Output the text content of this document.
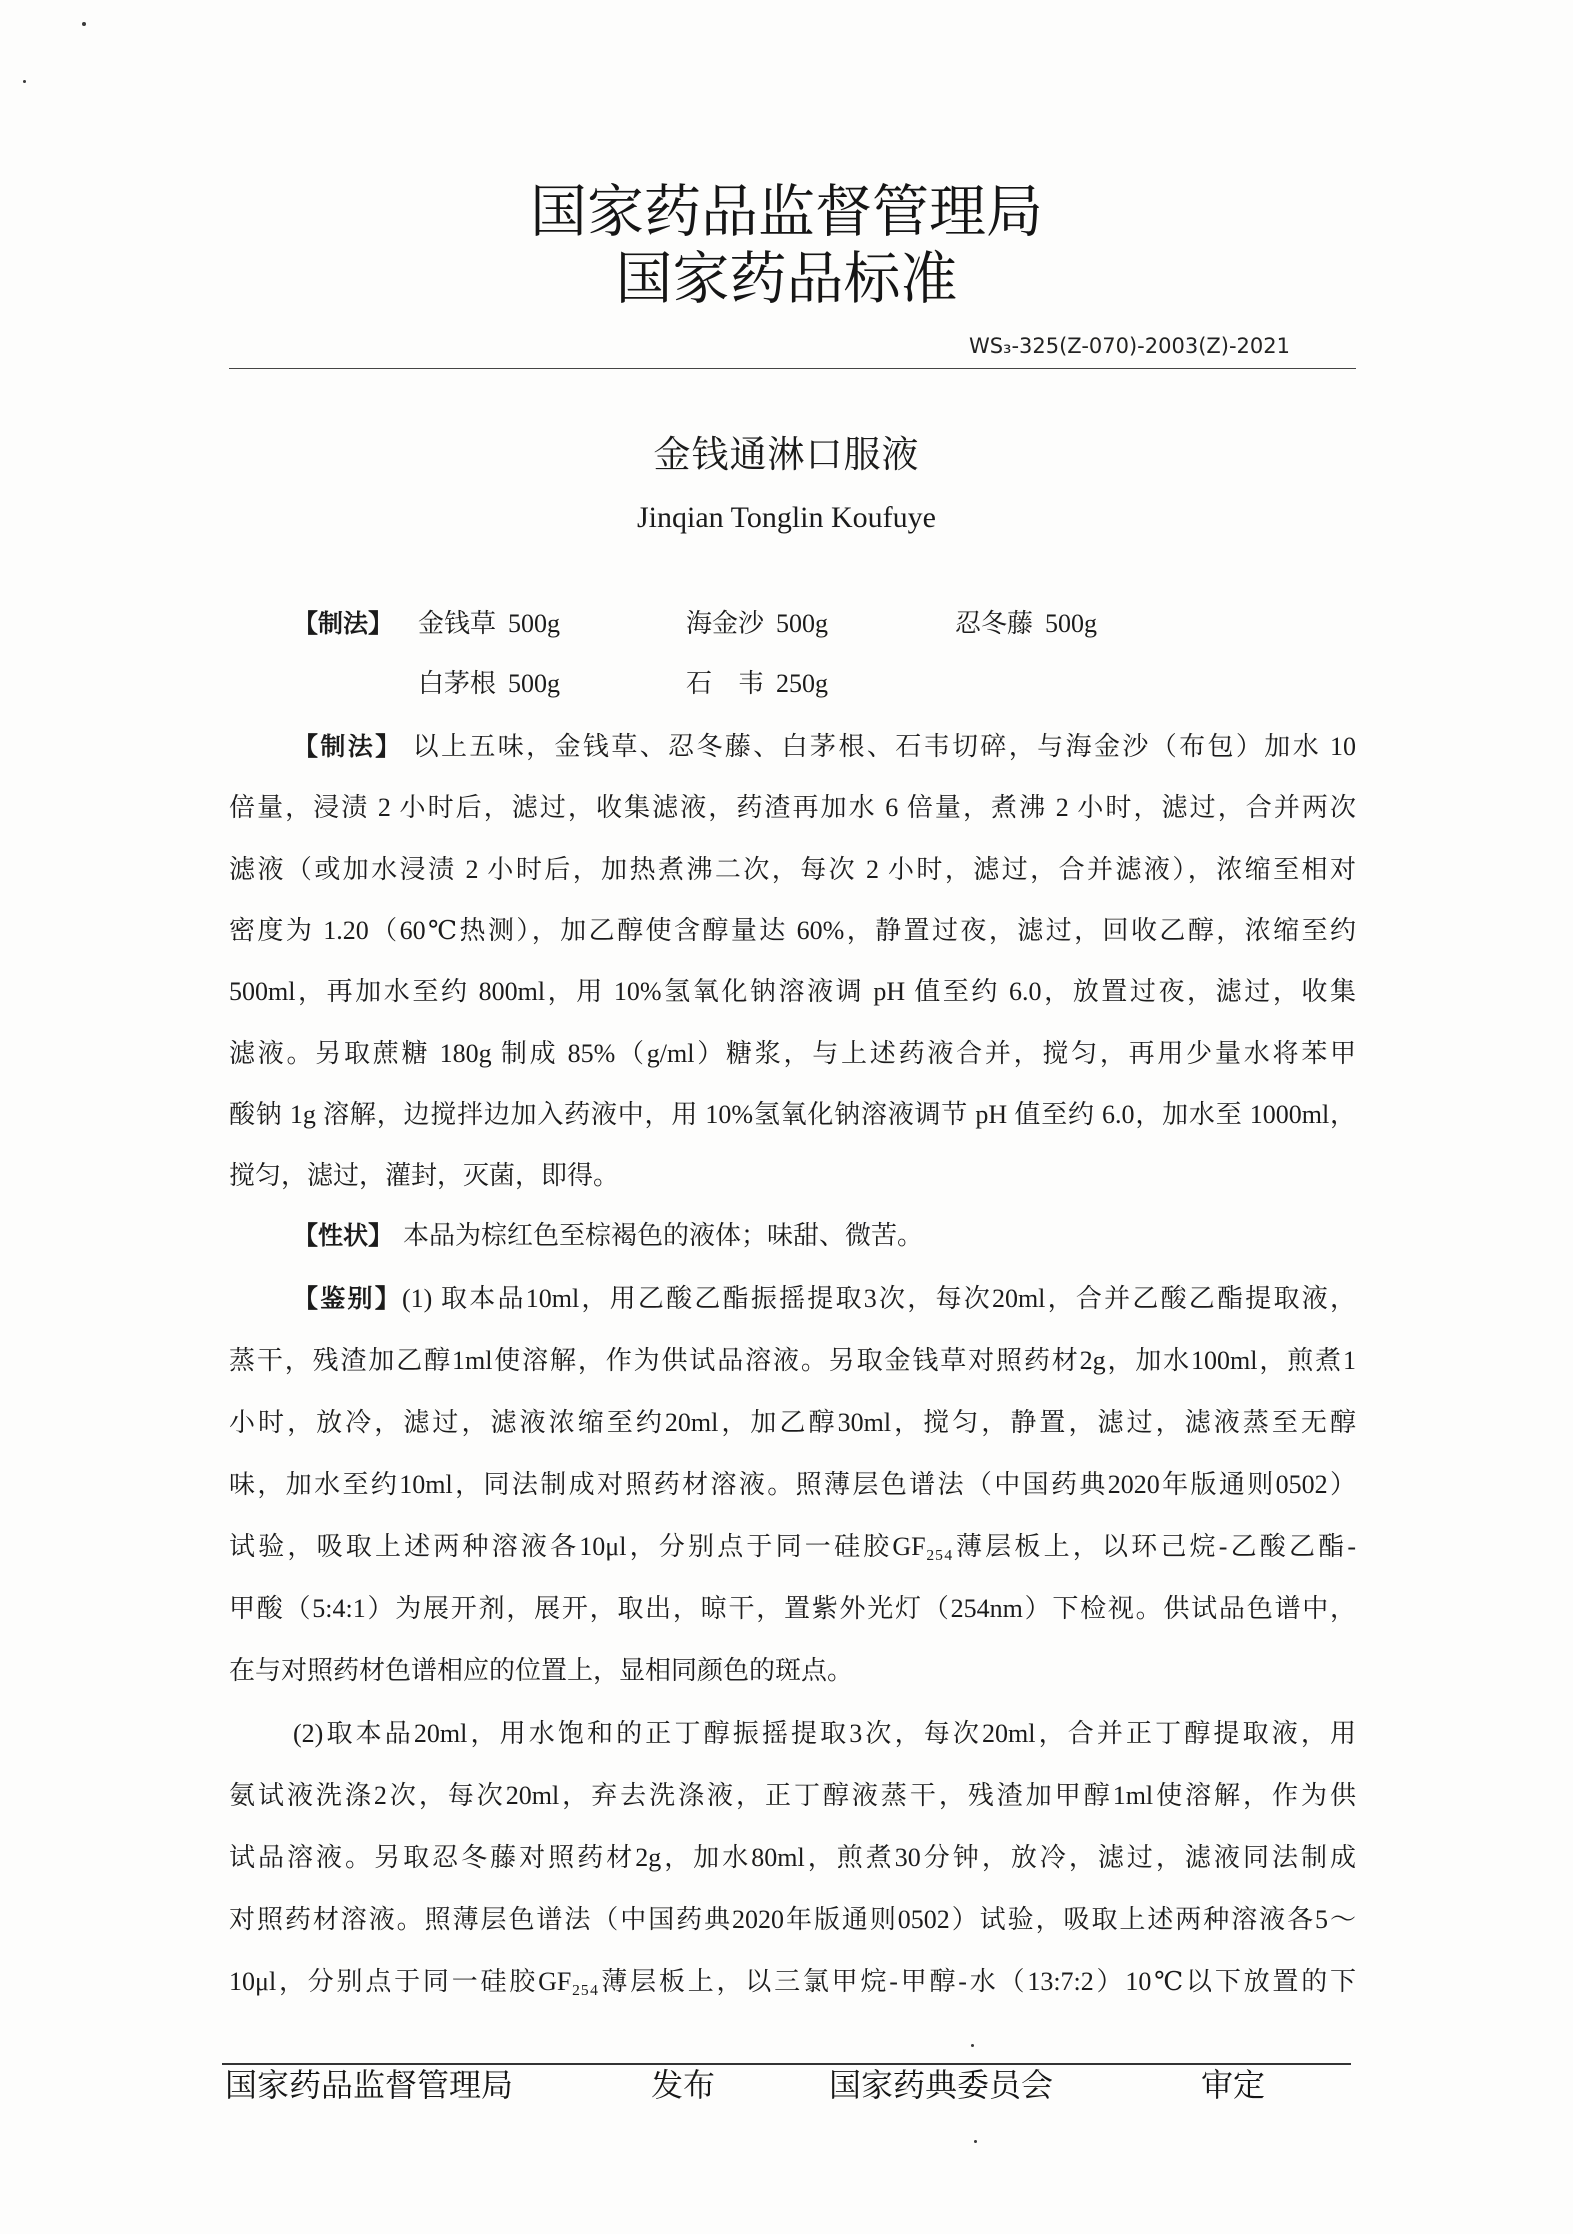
国家药品监督管理局
国家药品标准
WS₃-325(Z-070)-2003(Z)-2021
金钱通淋口服液
Jinqian Tonglin Koufuye
【制法】 金钱草 500g	海金沙 500g	忍冬藤 500g
白茅根 500g	石　韦 250g
【制法】 以上五味，金钱草、忍冬藤、白茅根、石韦切碎，与海金沙（布包）加水 10
倍量，浸渍 2 小时后，滤过，收集滤液，药渣再加水 6 倍量，煮沸 2 小时，滤过，合并两次
滤液（或加水浸渍 2 小时后，加热煮沸二次，每次 2 小时，滤过，合并滤液），浓缩至相对
密度为 1.20（60℃热测），加乙醇使含醇量达 60%，静置过夜，滤过，回收乙醇，浓缩至约
500ml，再加水至约 800ml，用 10%氢氧化钠溶液调 pH 值至约 6.0，放置过夜，滤过，收集
滤液。另取蔗糖 180g 制成 85%（g/ml）糖浆，与上述药液合并，搅匀，再用少量水将苯甲
酸钠 1g 溶解，边搅拌边加入药液中，用 10%氢氧化钠溶液调节 pH 值至约 6.0，加水至 1000ml，
搅匀，滤过，灌封，灭菌，即得。
【性状】 本品为棕红色至棕褐色的液体；味甜、微苦。
【鉴别】(1) 取本品10ml，用乙酸乙酯振摇提取3次，每次20ml，合并乙酸乙酯提取液，
蒸干，残渣加乙醇1ml使溶解，作为供试品溶液。另取金钱草对照药材2g，加水100ml，煎煮1
小时，放冷，滤过，滤液浓缩至约20ml，加乙醇30ml，搅匀，静置，滤过，滤液蒸至无醇
味，加水至约10ml，同法制成对照药材溶液。照薄层色谱法（中国药典2020年版通则0502）
试验，吸取上述两种溶液各10μl，分别点于同一硅胶GF₂₅₄薄层板上，以环己烷-乙酸乙酯-
甲酸（5:4:1）为展开剂，展开，取出，晾干，置紫外光灯（254nm）下检视。供试品色谱中，
在与对照药材色谱相应的位置上，显相同颜色的斑点。
(2)取本品20ml，用水饱和的正丁醇振摇提取3次，每次20ml，合并正丁醇提取液，用
氨试液洗涤2次，每次20ml，弃去洗涤液，正丁醇液蒸干，残渣加甲醇1ml使溶解，作为供
试品溶液。另取忍冬藤对照药材2g，加水80ml，煎煮30分钟，放冷，滤过，滤液同法制成
对照药材溶液。照薄层色谱法（中国药典2020年版通则0502）试验，吸取上述两种溶液各5～
10μl，分别点于同一硅胶GF₂₅₄薄层板上，以三氯甲烷-甲醇-水（13:7:2）10℃以下放置的下
国家药品监督管理局	发布	国家药典委员会	审定
